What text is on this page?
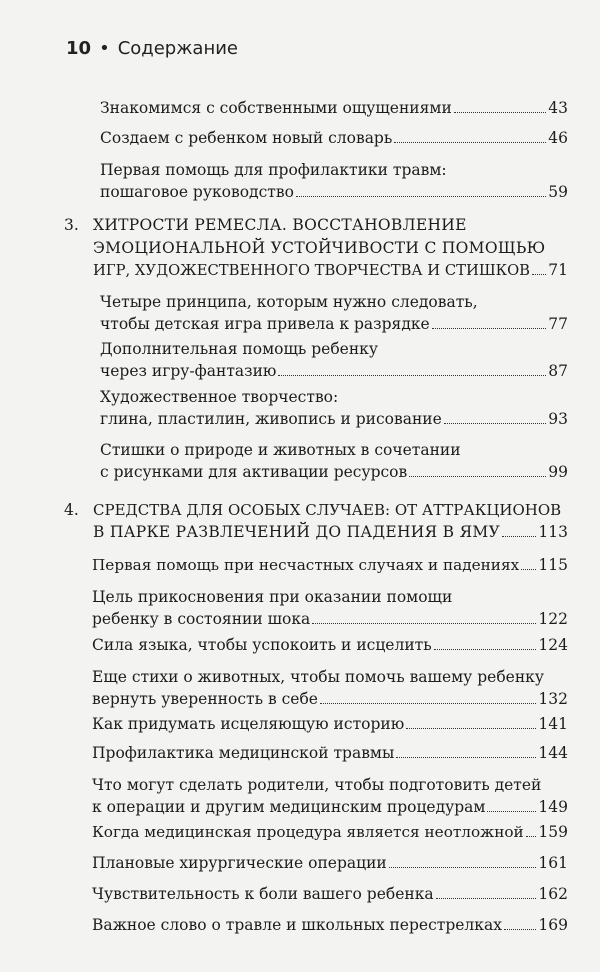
10 • Содержание
Знакомимся с собственными ощущениями	43
Создаем с ребенком новый словарь	46
Первая помощь для профилактики травм:
пошаговое руководство	59
3. ХИТРОСТИ РЕМЕСЛА. ВОССТАНОВЛЕНИЕ
ЭМОЦИОНАЛЬНОЙ УСТОЙЧИВОСТИ С ПОМОЩЬЮ
ИГР, ХУДОЖЕСТВЕННОГО ТВОРЧЕСТВА И СТИШКОВ 71
Четыре принципа, которым нужно следовать,
чтобы детская игра привела к разрядке	77
Дополнительная помощь ребенку
через игру-фантазию	87
Художественное творчество:
глина, пластилин, живопись и рисование	93
Стишки о природе и животных в сочетании
с рисунками для активации ресурсов	99
4. СРЕДСТВА ДЛЯ ОСОБЫХ СЛУЧАЕВ: ОТ АТТРАКЦИОНОВ
В ПАРКЕ РАЗВЛЕЧЕНИЙ ДО ПАДЕНИЯ В ЯМУ 113
Первая помощь при несчастных случаях и падениях 115
Цель прикосновения при оказании помощи
ребенку в состоянии шока	122
Сила языка, чтобы успокоить и исцелить	124
Еще стихи о животных, чтобы помочь вашему ребенку
вернуть уверенность в себе	132
Как придумать исцеляющую историю	141
Профилактика медицинской травмы	144
Что могут сделать родители, чтобы подготовить детей
к операции и другим медицинским процедурам	149
Когда медицинская процедура является неотложной 159
Плановые хирургические операции	161
Чувствительность к боли вашего ребенка	162
Важное слово о травле и школьных перестрелках 169
